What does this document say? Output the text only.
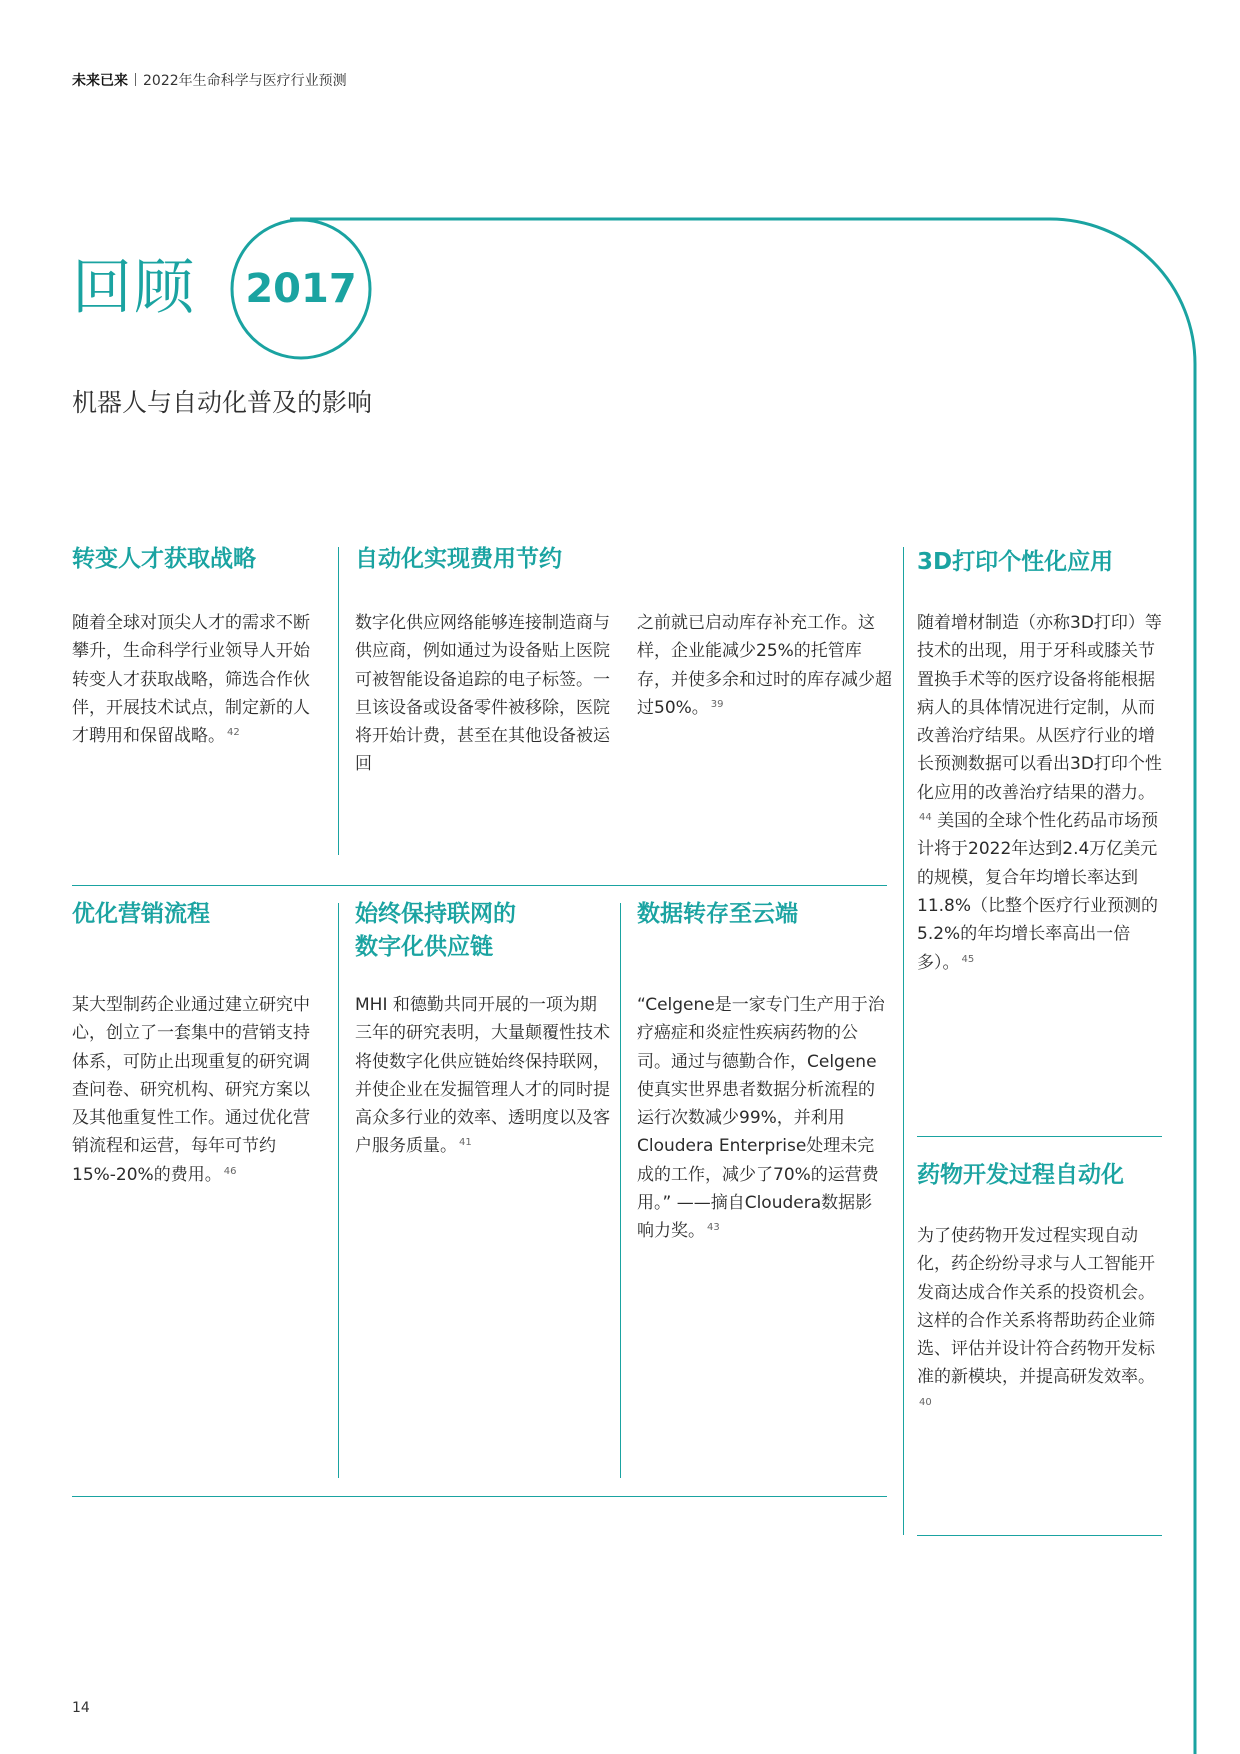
未来已来 2022年生命科学与医疗行业预测
回顾	2017
机器人与自动化普及的影响
转变人才获取战略
随着全球对顶尖人才的需求不断攀升，生命科学行业领导人开始转变人才获取战略，筛选合作伙伴，开展技术试点，制定新的人才聘用和保留战略。 $^{42}$
自动化实现费用节约
数字化供应网络能够连接制造商与供应商，例如通过为设备贴上医院可被智能设备追踪的电子标签。一旦该设备或设备零件被移除，医院将开始计费，甚至在其他设备被运回
之前就已启动库存补充工作。这样，企业能减少25%的托管库存，并使多余和过时的库存减少超过50%。 $^{39}$
3D打印个性化应用
随着增材制造（亦称3D打印）等技术的出现，用于牙科或膝关节置换手术等的医疗设备将能根据病人的具体情况进行定制，从而改善治疗结果。从医疗行业的增长预测数据可以看出3D打印个性化应用的改善治疗结果的潜力。$^{44}$ 美国的全球个性化药品市场预计将于2022年达到2.4万亿美元的规模，复合年均增长率达到11.8%（比整个医疗行业预测的5.2%的年均增长率高出一倍多）。 $^{45}$
优化营销流程
某大型制药企业通过建立研究中心，创立了一套集中的营销支持体系，可防止出现重复的研究调查问卷、研究机构、研究方案以及其他重复性工作。通过优化营销流程和运营，每年可节约15%-20%的费用。 $^{46}$
始终保持联网的
数字化供应链
MHI 和德勤共同开展的一项为期三年的研究表明，大量颠覆性技术将使数字化供应链始终保持联网，并使企业在发掘管理人才的同时提高众多行业的效率、透明度以及客户服务质量。 $^{41}$
数据转存至云端
“Celgene是一家专门生产用于治疗癌症和炎症性疾病药物的公司。通过与德勤合作，Celgene使真实世界患者数据分析流程的运行次数减少99%，并利用Cloudera Enterprise处理未完成的工作，减少了70%的运营费用。” ——摘自Cloudera数据影响力奖。 $^{43}$
药物开发过程自动化
为了使药物开发过程实现自动化，药企纷纷寻求与人工智能开发商达成合作关系的投资机会。这样的合作关系将帮助药企业筛选、评估并设计符合药物开发标准的新模块，并提高研发效率。$^{40}$
14
